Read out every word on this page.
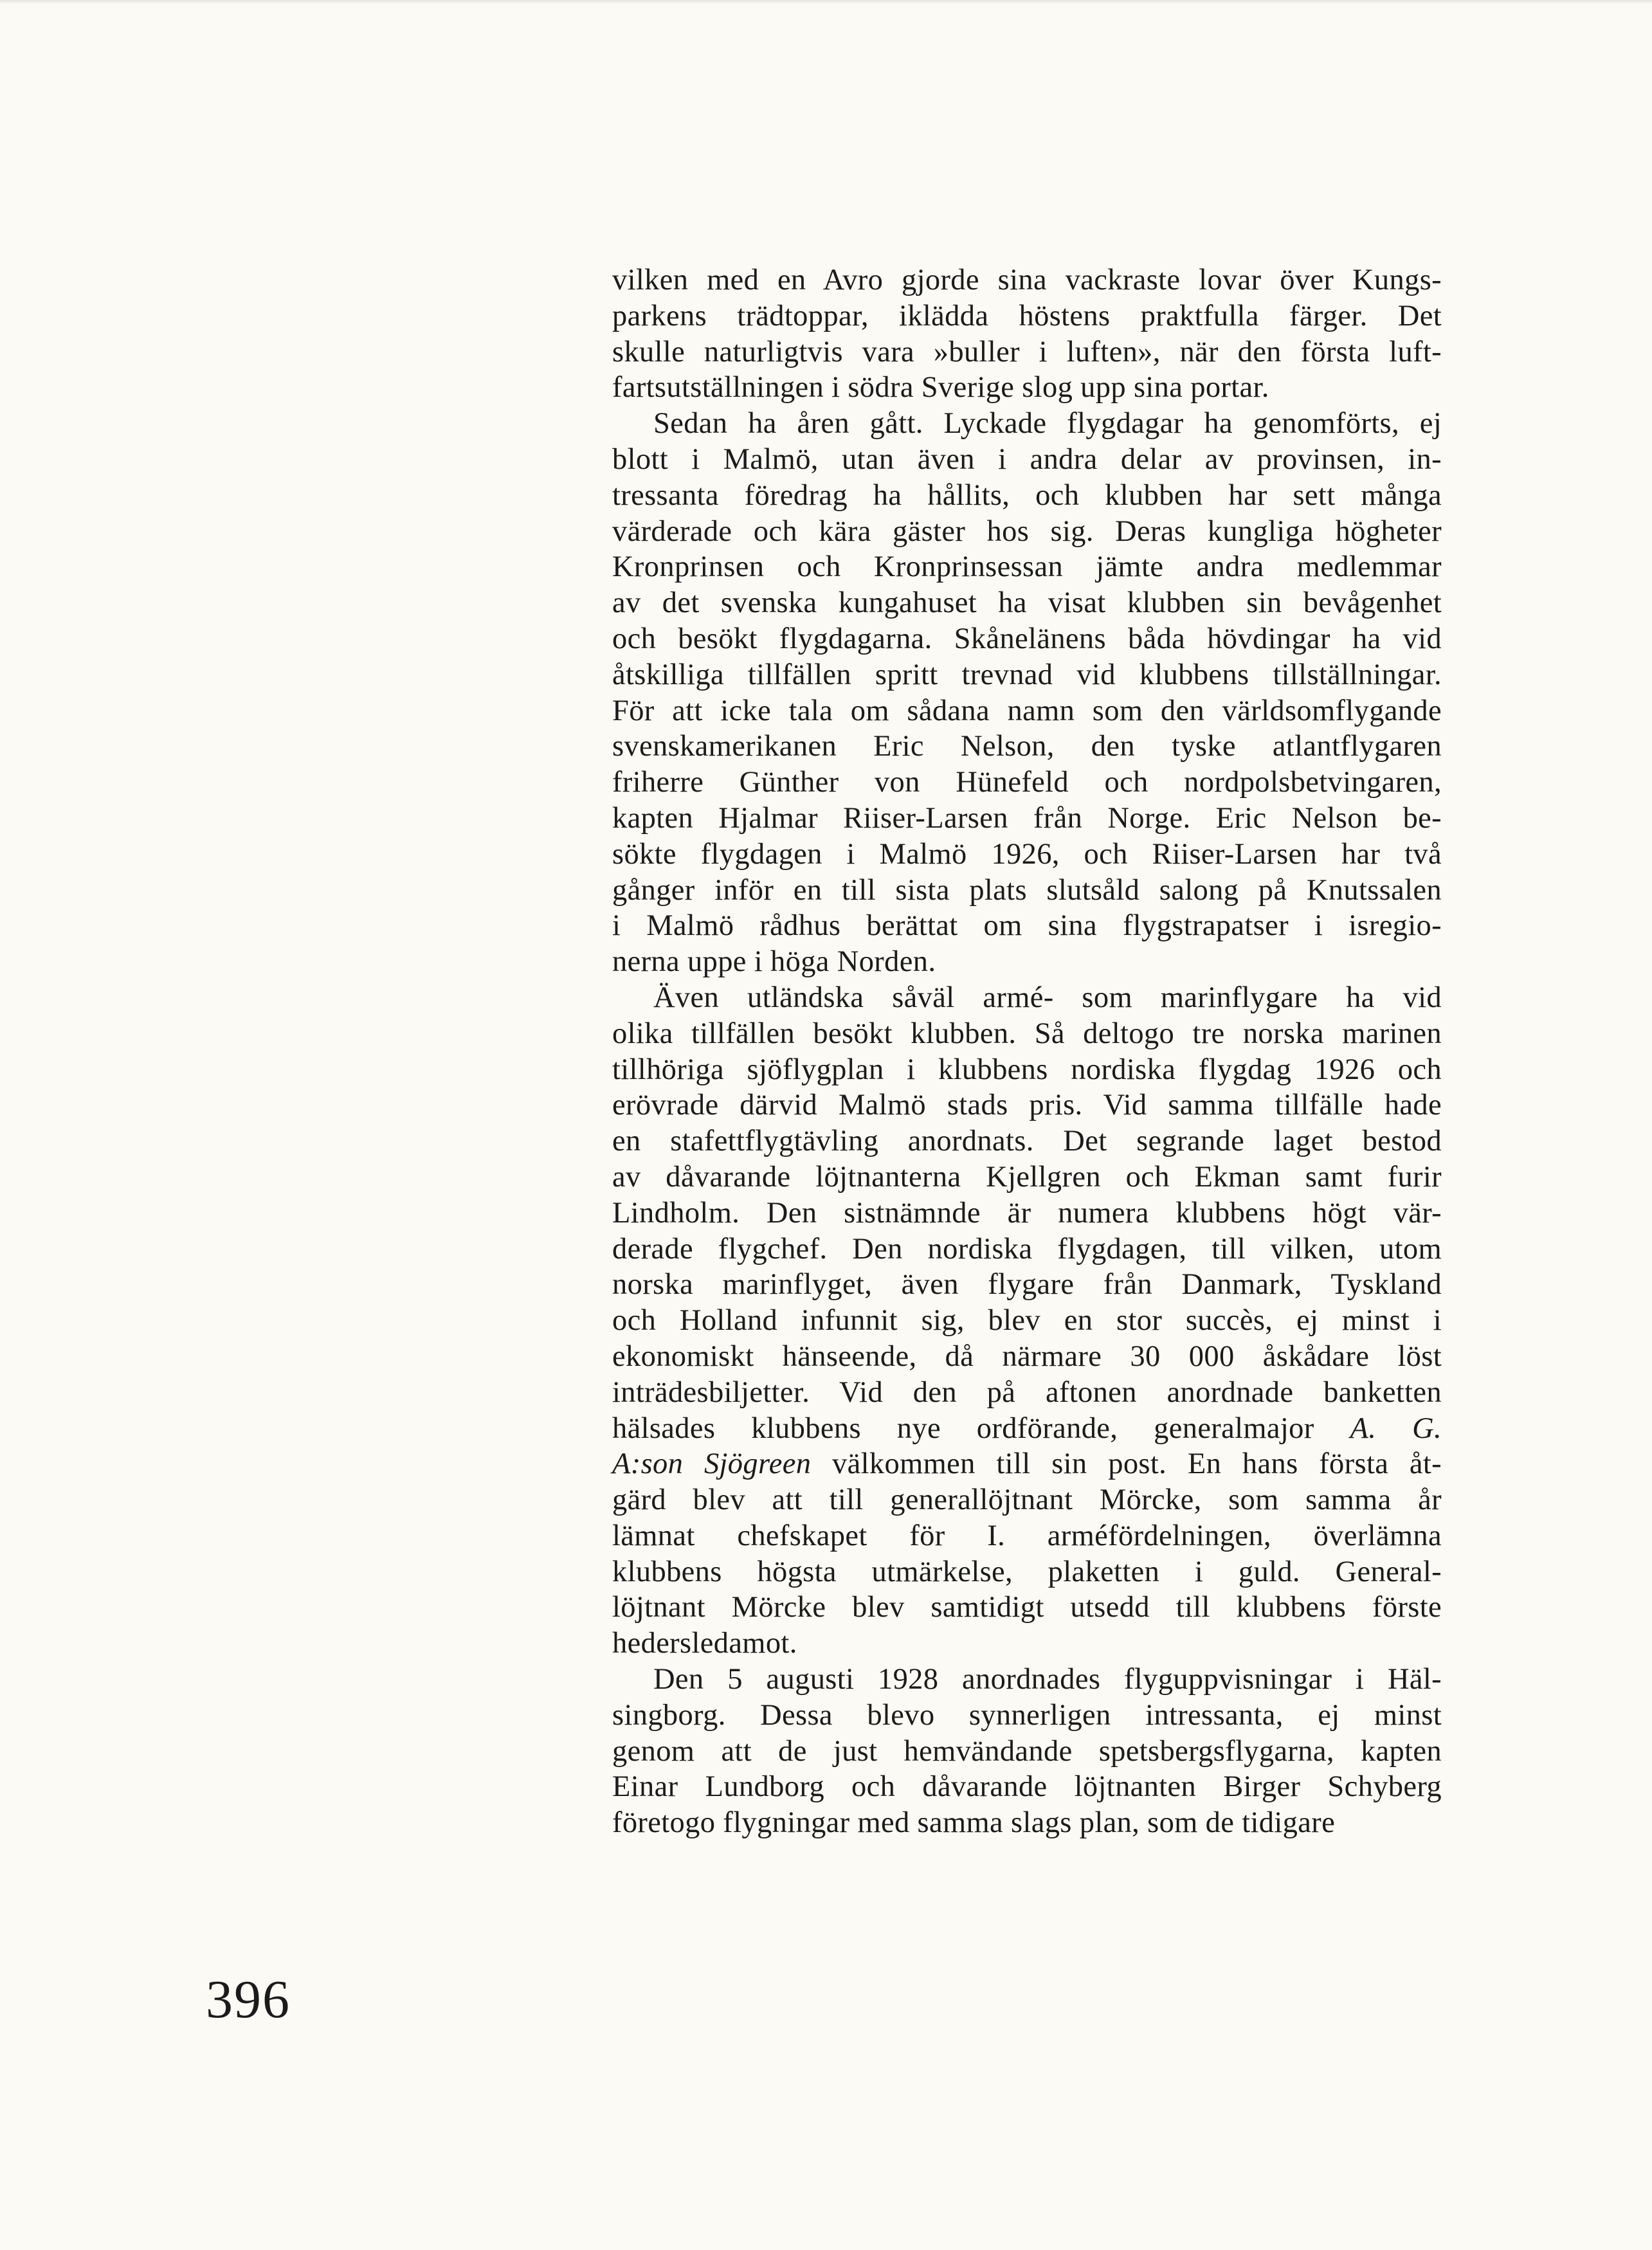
vilken med en Avro gjorde sina vackraste lovar över Kungs-
parkens trädtoppar, iklädda höstens praktfulla färger. Det
skulle naturligtvis vara »buller i luften», när den första luft-
fartsutställningen i södra Sverige slog upp sina portar.
Sedan ha åren gått. Lyckade flygdagar ha genomförts, ej
blott i Malmö, utan även i andra delar av provinsen, in-
tressanta föredrag ha hållits, och klubben har sett många
värderade och kära gäster hos sig. Deras kungliga högheter
Kronprinsen och Kronprinsessan jämte andra medlemmar
av det svenska kungahuset ha visat klubben sin bevågenhet
och besökt flygdagarna. Skånelänens båda hövdingar ha vid
åtskilliga tillfällen spritt trevnad vid klubbens tillställningar.
För att icke tala om sådana namn som den världsomflygande
svenskamerikanen Eric Nelson, den tyske atlantflygaren
friherre Günther von Hünefeld och nordpolsbetvingaren,
kapten Hjalmar Riiser-Larsen från Norge. Eric Nelson be-
sökte flygdagen i Malmö 1926, och Riiser-Larsen har två
gånger inför en till sista plats slutsåld salong på Knutssalen
i Malmö rådhus berättat om sina flygstrapatser i isregio-
nerna uppe i höga Norden.
Även utländska såväl armé- som marinflygare ha vid
olika tillfällen besökt klubben. Så deltogo tre norska marinen
tillhöriga sjöflygplan i klubbens nordiska flygdag 1926 och
erövrade därvid Malmö stads pris. Vid samma tillfälle hade
en stafettflygtävling anordnats. Det segrande laget bestod
av dåvarande löjtnanterna Kjellgren och Ekman samt furir
Lindholm. Den sistnämnde är numera klubbens högt vär-
derade flygchef. Den nordiska flygdagen, till vilken, utom
norska marinflyget, även flygare från Danmark, Tyskland
och Holland infunnit sig, blev en stor succès, ej minst i
ekonomiskt hänseende, då närmare 30 000 åskådare löst
inträdesbiljetter. Vid den på aftonen anordnade banketten
hälsades klubbens nye ordförande, generalmajor A. G.
A:son Sjögreen välkommen till sin post. En hans första åt-
gärd blev att till generallöjtnant Mörcke, som samma år
lämnat chefskapet för I. arméfördelningen, överlämna
klubbens högsta utmärkelse, plaketten i guld. General-
löjtnant Mörcke blev samtidigt utsedd till klubbens förste
hedersledamot.
Den 5 augusti 1928 anordnades flyguppvisningar i Häl-
singborg. Dessa blevo synnerligen intressanta, ej minst
genom att de just hemvändande spetsbergsflygarna, kapten
Einar Lundborg och dåvarande löjtnanten Birger Schyberg
företogo flygningar med samma slags plan, som de tidigare
396
